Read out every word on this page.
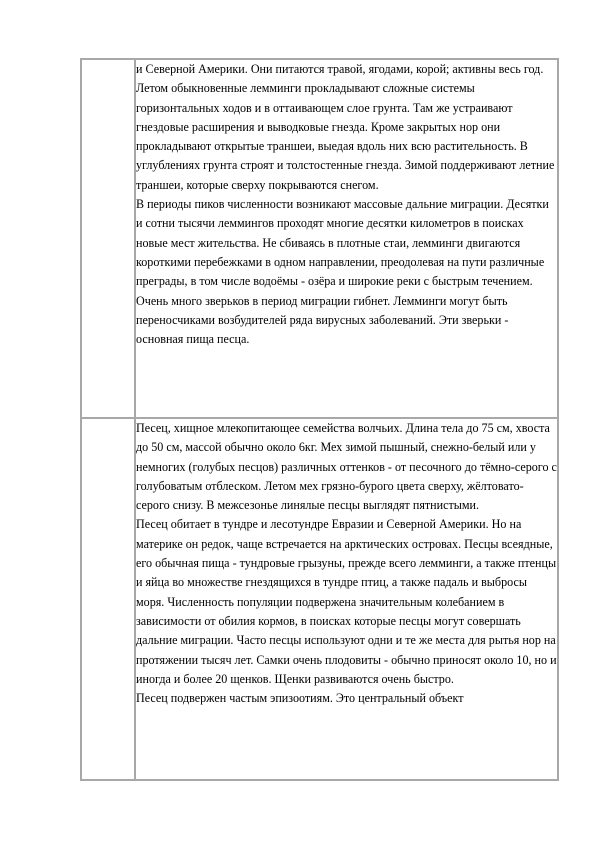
	и Северной Америки. Они питаются травой, ягодами, корой; активны весь год.

Летом обыкновенные лемминги прокладывают сложные системы горизонтальных ходов и в оттаивающем слое грунта. Там же устраивают гнездовые расширения и выводковые гнезда. Кроме закрытых нор они прокладывают открытые траншеи, выедая вдоль них всю растительность. В углублениях грунта строят и толстостенные гнезда. Зимой поддерживают летние траншеи, которые сверху покрываются снегом.

В периоды пиков численности возникают массовые дальние миграции. Десятки и сотни тысячи леммингов проходят многие десятки километров в поисках новые мест жительства. Не сбиваясь в плотные стаи, лемминги двигаются короткими перебежками в одном направлении, преодолевая на пути различные преграды, в том числе водоёмы - озёра и широкие реки с быстрым течением. Очень много зверьков в период миграции гибнет. Лемминги могут быть переносчиками возбудителей ряда вирусных заболеваний. Эти зверьки - основная пища песца.

	Песец, хищное млекопитающее семейства волчьих. Длина тела до 75 см, хвоста до 50 см, массой обычно около 6кг. Мех зимой пышный, снежно-белый или у немногих (голубых песцов) различных оттенков - от песочного до тёмно-серого с голубоватым отблеском. Летом мех грязно-бурого цвета сверху, жёлтовато-серого снизу. В межсезонье линялые песцы выглядят пятнистыми.

Песец обитает в тундре и лесотундре Евразии и Северной Америки. Но на материке он редок, чаще встречается на арктических островах. Песцы всеядные, его обычная пища - тундровые грызуны, прежде всего лемминги, а также птенцы и яйца во множестве гнездящихся в тундре птиц, а также падаль и выбросы моря. Численность популяции подвержена значительным колебанием в зависимости от обилия кормов, в поисках которые песцы могут совершать дальние миграции. Часто песцы используют одни и те же места для рытья нор на протяжении тысяч лет. Самки очень плодовиты - обычно приносят около 10, но и иногда и более 20 щенков. Щенки развиваются очень быстро.

Песец подвержен частым эпизоотиям. Это центральный объект
